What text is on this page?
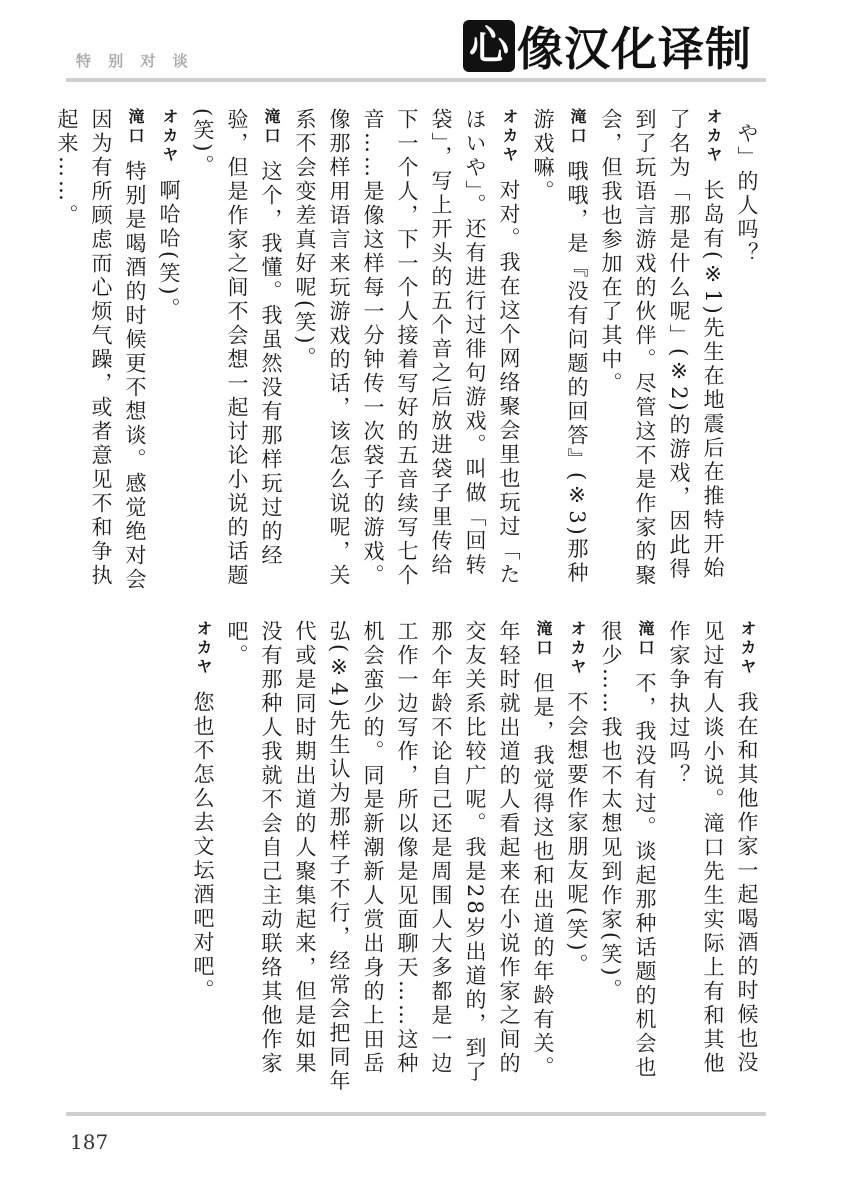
特 别 对 谈	心 像汉化译制

や」的人吗？

オカヤ长岛有(※1)先生在地震后在推特开始了名为「那是什么呢」(※2)的游戏，因此得到了玩语言游戏的伙伴。尽管这不是作家的聚会，但我也参加在了其中。

滝口哦哦，是『没有问题的回答』(※3)那种游戏嘛。

オカヤ对对。我在这个网络聚会里也玩过「たほいや」。还有进行过徘句游戏。叫做「回转袋」，写上开头的五个音之后放进袋子里传给下一个人，下一个人接着写好的五音续写七个音……是像这样每一分钟传一次袋子的游戏。像那样用语言来玩游戏的话，该怎么说呢，关系不会变差真好呢(笑)。

滝口这个，我懂。我虽然没有那样玩过的经验，但是作家之间不会想一起讨论小说的话题(笑)。

オカヤ啊哈哈(笑)。

滝口特别是喝酒的时候更不想谈。感觉绝对会因为有所顾虑而心烦气躁，或者意见不和争执起来……。

オカヤ我在和其他作家一起喝酒的时候也没见过有人谈小说。滝口先生实际上有和其他作家争执过吗？

滝口不，我没有过。谈起那种话题的机会也很少……我也不太想见到作家(笑)。

オカヤ不会想要作家朋友呢(笑)。

滝口但是，我觉得这也和出道的年龄有关。年轻时就出道的人看起来在小说作家之间的交友关系比较广呢。我是28岁出道的，到了那个年龄不论自己还是周围人大多都是一边工作一边写作，所以像是见面聊天……这种机会蛮少的。同是新潮新人赏出身的上田岳弘(※4)先生认为那样子不行，经常会把同年代或是同时期出道的人聚集起来，但是如果没有那种人我就不会自己主动联络其他作家吧。

オカヤ您也不怎么去文坛酒吧对吧。

187
